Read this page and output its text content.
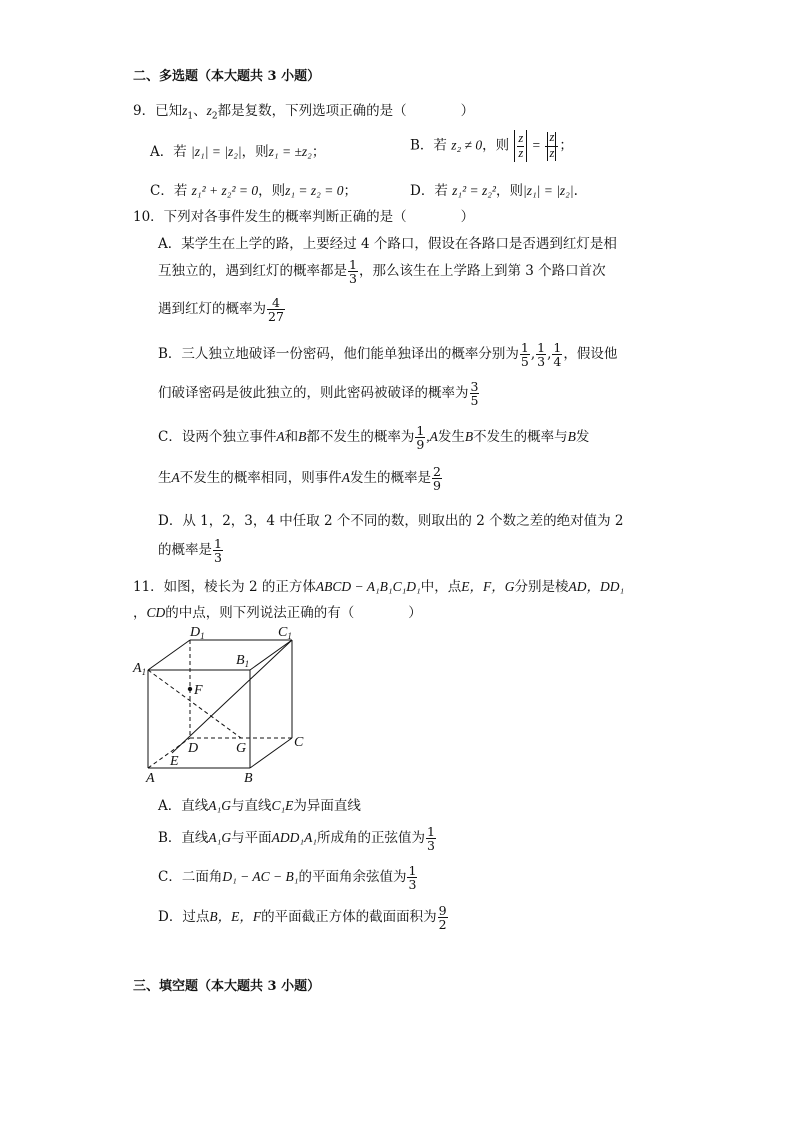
二、多选题（本大题共 3 小题）
9．已知$z_1$、$z_2$都是复数，下列选项正确的是（　　　　）
A．若 |z₁| = |z₂|，则z₁ = ±z₂；	B．若 z₂ ≠ 0，则 $\frac{z}{z} = \frac{z}{z}$ ；
C．若 z₁² + z₂² = 0，则z₁ = z₂ = 0；	D．若 z₁² = z₂²，则|z₁| = |z₂|.
10．下列对各事件发生的概率判断正确的是（　　　　）
A．某学生在上学的路，上要经过 4 个路口，假设在各路口是否遇到红灯是相
互独立的，遇到红灯的概率都是 $\frac{1}{3}$ ，那么该生在上学路上到第 3 个路口首次
遇到红灯的概率为 $\frac{4}{27}$
B．三人独立地破译一份密码，他们能单独译出的概率分别为 $\frac{1}{5}$ , $\frac{1}{3}$ , $\frac{1}{4}$ ，假设他
们破译密码是彼此独立的，则此密码被破译的概率为 $\frac{3}{5}$
C．设两个独立事件A和B都不发生的概率为 $\frac{1}{9} ,A$发生B不发生的概率与B发
生A不发生的概率相同，则事件A发生的概率是 $\frac{2}{9}$
D．从 1，2，3，4 中任取 2 个不同的数，则取出的 2 个数之差的绝对值为 2
的概率是 $\frac{1}{3}$
11．如图，棱长为 2 的正方体ABCD − A₁B₁C₁D₁中，点E，F，G分别是棱AD，DD₁
，CD的中点，则下列说法正确的有（　　　　）
$A_1$
$D_1$	$C_1$
$B_1$
F
D	G	C
E
A	B
A．直线A₁G与直线C₁E为异面直线
B．直线A₁G与平面ADD₁A₁所成角的正弦值为 $\frac{1}{3}$
C．二面角D₁ − AC − B₁的平面角余弦值为 $\frac{1}{3}$
D．过点B，E，F的平面截正方体的截面面积为 $\frac{9}{2}$
三、填空题（本大题共 3 小题）
